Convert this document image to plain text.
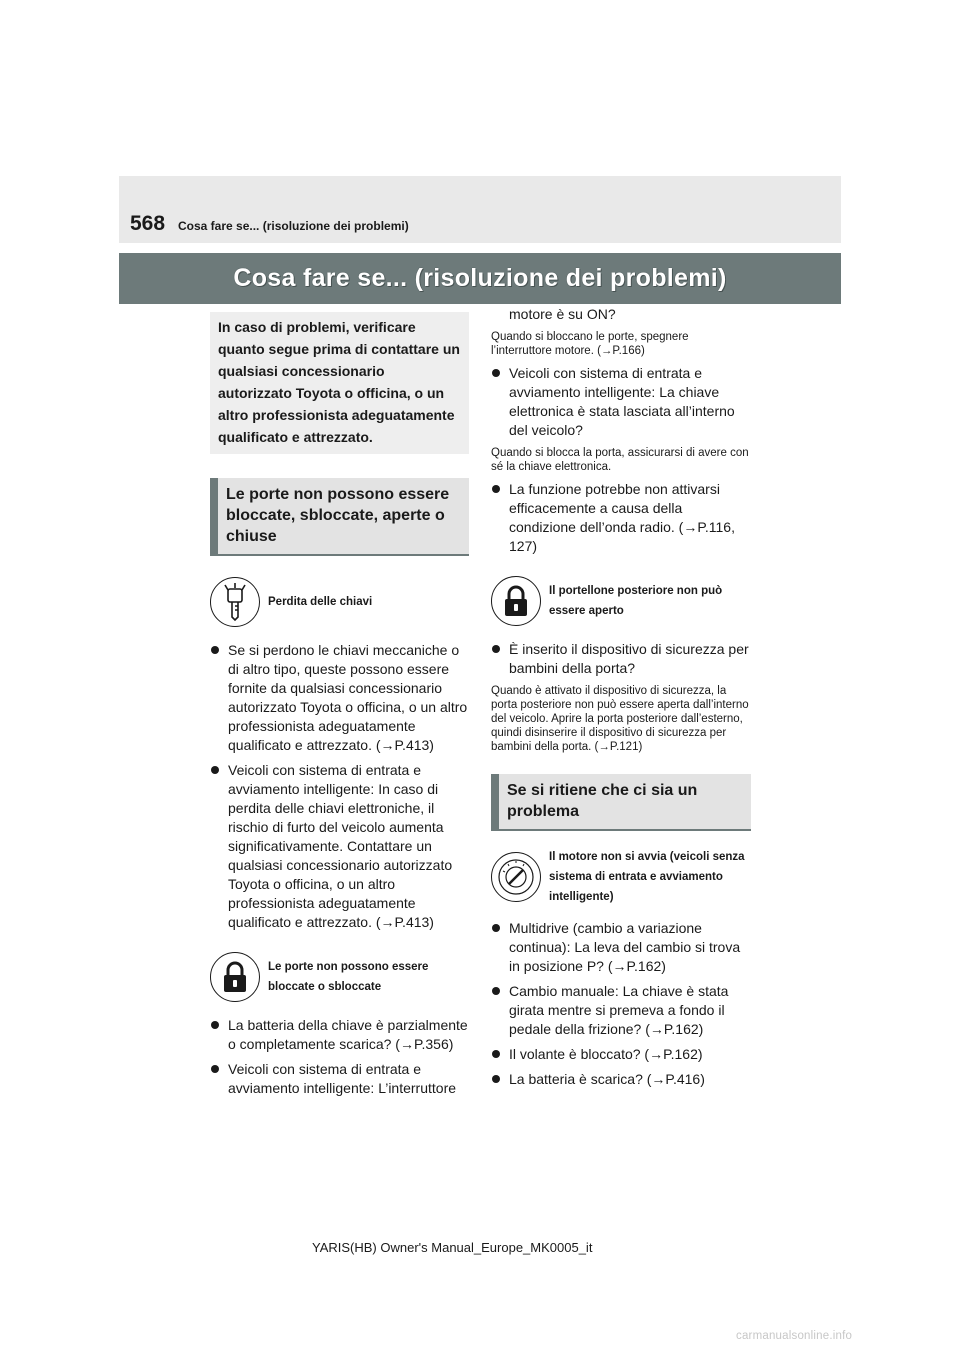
568 Cosa fare se... (risoluzione dei problemi)
Cosa fare se... (risoluzione dei problemi)
In caso di problemi, verificare quanto segue prima di contattare un qualsiasi concessionario autorizzato Toyota o officina, o un altro professionista adeguatamente qualificato e attrezzato.
Le porte non possono essere bloccate, sbloccate, aperte o chiuse
Perdita delle chiavi
Se si perdono le chiavi meccaniche o di altro tipo, queste possono essere fornite da qualsiasi concessionario autorizzato Toyota o officina, o un altro professionista adeguatamente qualificato e attrezzato. (→P.413)
Veicoli con sistema di entrata e avviamento intelligente: In caso di perdita delle chiavi elettroniche, il rischio di furto del veicolo aumenta significativamente. Contattare un qualsiasi concessionario autorizzato Toyota o officina, o un altro professionista adeguatamente qualificato e attrezzato. (→P.413)
Le porte non possono essere bloccate o sbloccate
La batteria della chiave è parzialmente o completamente scarica? (→P.356)
Veicoli con sistema di entrata e avviamento intelligente: L’interruttore
motore è su ON?
Quando si bloccano le porte, spegnere l’interruttore motore. (→P.166)
Veicoli con sistema di entrata e avviamento intelligente: La chiave elettronica è stata lasciata all’interno del veicolo?
Quando si blocca la porta, assicurarsi di avere con sé la chiave elettronica.
La funzione potrebbe non attivarsi efficacemente a causa della condizione dell’onda radio. (→P.116, 127)
Il portellone posteriore non può essere aperto
È inserito il dispositivo di sicurezza per bambini della porta?
Quando è attivato il dispositivo di sicurezza, la porta posteriore non può essere aperta dall’interno del veicolo. Aprire la porta posteriore dall’esterno, quindi disinserire il dispositivo di sicurezza per bambini della porta. (→P.121)
Se si ritiene che ci sia un problema
Il motore non si avvia (veicoli senza sistema di entrata e avviamento intelligente)
Multidrive (cambio a variazione continua): La leva del cambio si trova in posizione P? (→P.162)
Cambio manuale: La chiave è stata girata mentre si premeva a fondo il pedale della frizione? (→P.162)
Il volante è bloccato? (→P.162)
La batteria è scarica? (→P.416)
YARIS(HB) Owner's Manual_Europe_MK0005_it
carmanualsonline.info
